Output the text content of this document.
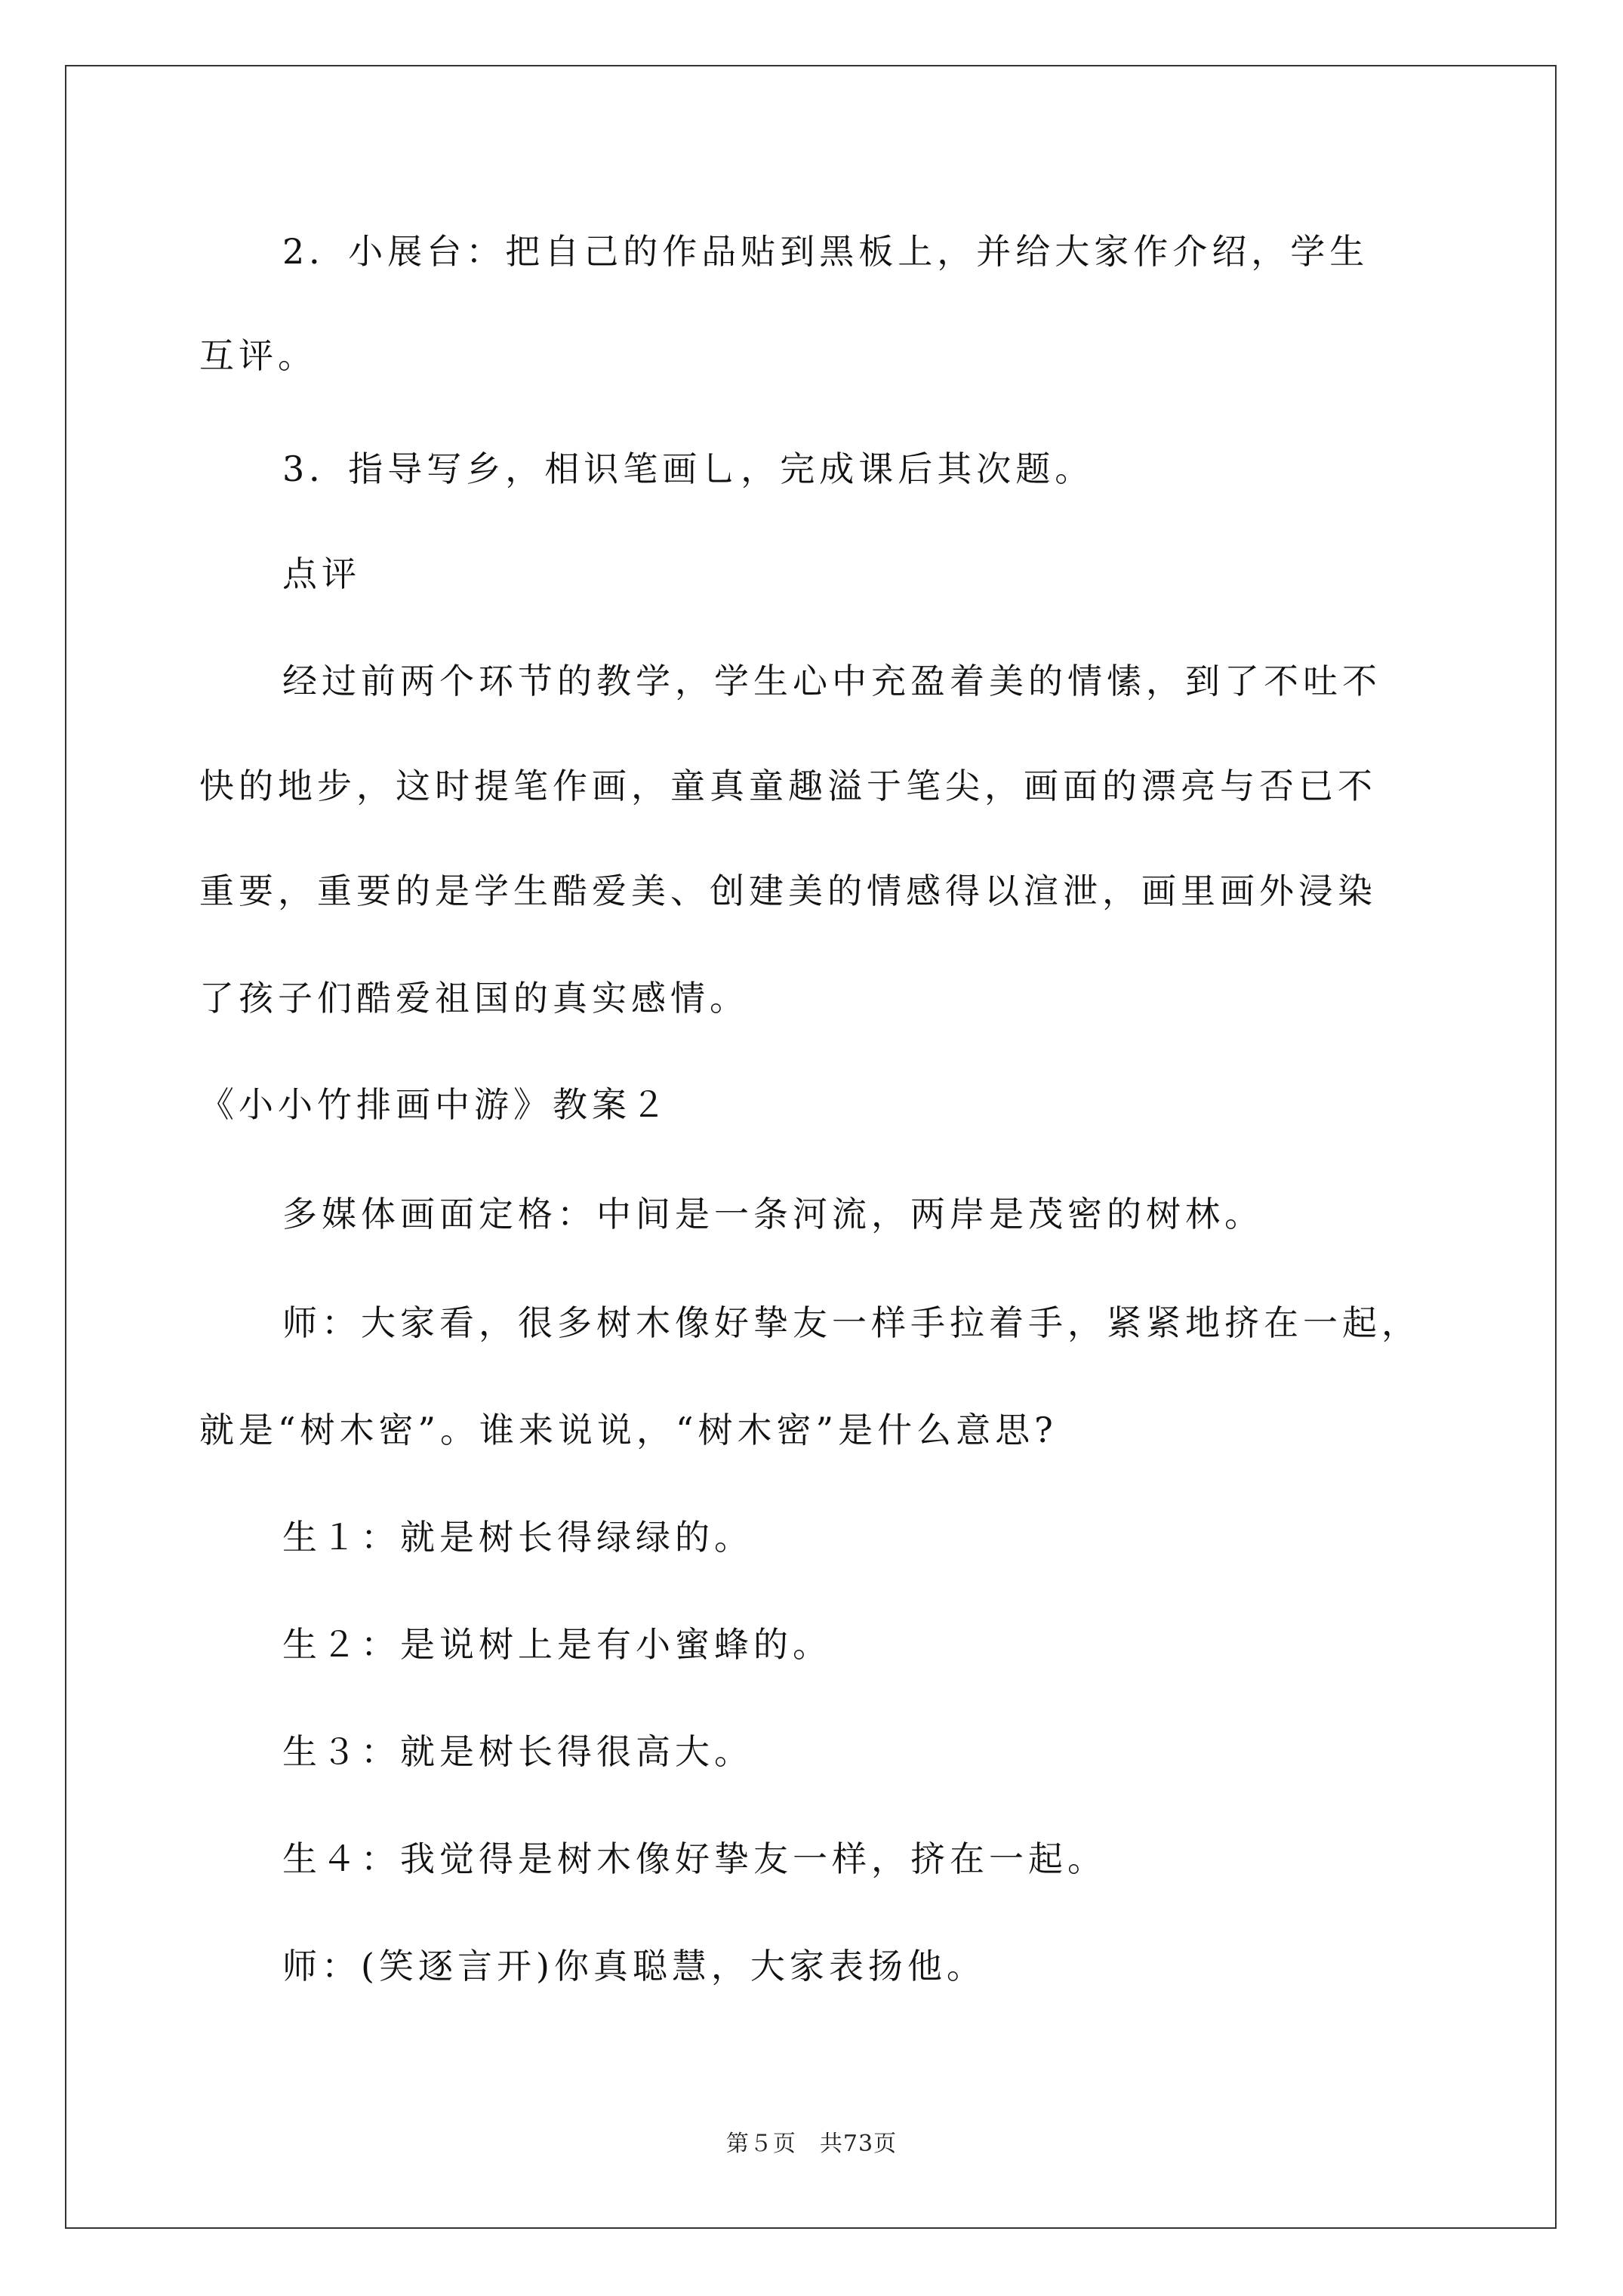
2．小展台：把自己的作品贴到黑板上，并给大家作介绍，学生
互评。
3．指导写乡，相识笔画乚，完成课后其次题。
点评
经过前两个环节的教学，学生心中充盈着美的情愫，到了不吐不
快的地步，这时提笔作画，童真童趣溢于笔尖，画面的漂亮与否已不
重要，重要的是学生酷爱美、创建美的情感得以渲泄，画里画外浸染
了孩子们酷爱祖国的真实感情。
《小小竹排画中游》教案２
多媒体画面定格：中间是一条河流，两岸是茂密的树林。
师：大家看，很多树木像好挚友一样手拉着手，紧紧地挤在一起，
就是“树木密”。谁来说说，“树木密”是什么意思?
生１：就是树长得绿绿的。
生２：是说树上是有小蜜蜂的。
生３：就是树长得很高大。
生４：我觉得是树木像好挚友一样，挤在一起。
师：(笑逐言开)你真聪慧，大家表扬他。
第５页　共73页
